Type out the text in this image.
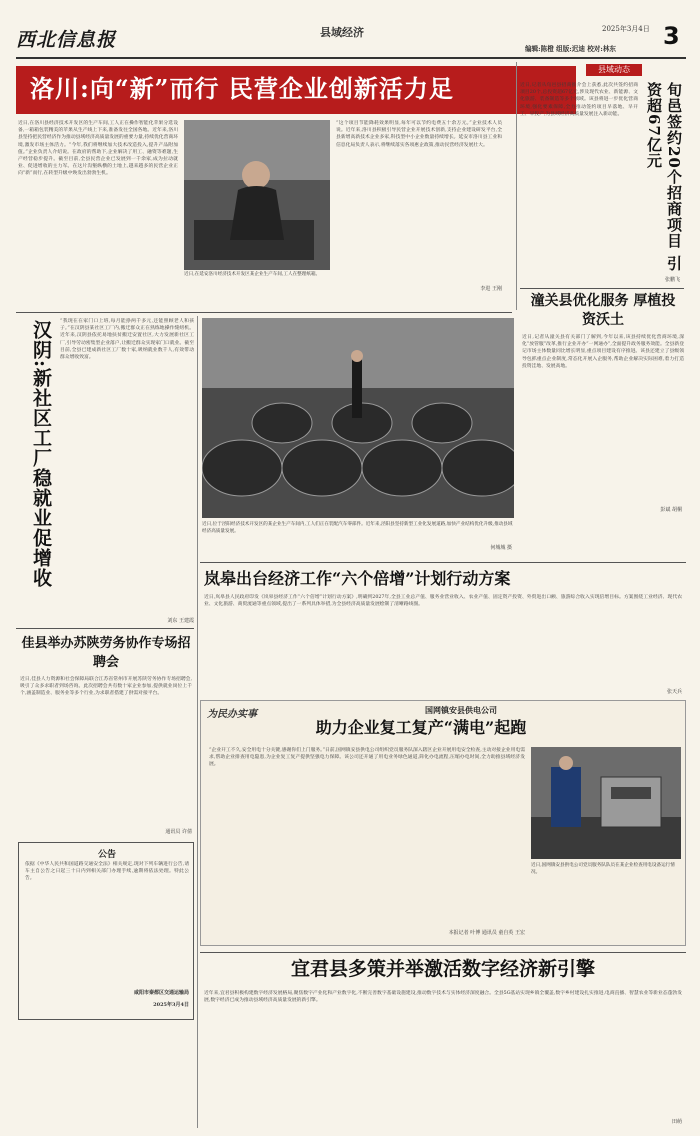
西北信息报	县域经济	2025年3月4日 3
编辑:陈橙 组版:迟迪 校对:林东
洛川:向“新”而行 民营企业创新活力足
近日,在洛川县经济技术开发区的生产车间,工人正在操作智能化苹果分选设备,一箱箱包装精美的苹果从生产线上下来,准备发往全国各地。近年来,洛川县坚持把民营经济作为推动县域经济高质量发展的重要力量,持续优化营商环境,激发市场主体活力。“今年,我们将继续加大技术改造投入,提升产品附加值。”企业负责人介绍说。在政府的帮助下,企业解决了用工、融资等难题,生产经营稳步提升。截至目前,全县民营企业已发展到一千余家,成为拉动就业、促进增收的主力军。在这片沟壑纵横的土地上,越来越多的民营企业正向“新”而行,在转型升级中焕发出勃勃生机。
近日,在延安洛川经济技术开发区某企业生产车间,工人在整理纸箱。
“这个项目节能降耗效果明显,每年可以节约电费五十余万元。”企业技术人员说。近年来,洛川县积极引导民营企业开展技术创新,支持企业建设研发平台,全县新增高新技术企业多家,科技型中小企业数量持续增长。延安市洛川县工业和信息化局负责人表示,将继续落实各项惠企政策,推动民营经济发展壮大。
李进 王刚
县域动态
近日,记者从旬邑县招商推介会上获悉,此次共签约招商项目20个,总投资超67亿元,涉及现代农业、新能源、文化旅游、装备制造等多个领域。该县将进一步优化营商环境,强化要素保障,全力推动签约项目早落地、早开工、早投产,为县域经济高质量发展注入新动能。	旬邑签约20个招商项目 引资超67亿元
张鹏飞
潼关县优化服务 厚植投资沃土
近日,记者从潼关县有关部门了解到,今年以来,该县持续优化营商环境,深化“放管服”改革,推行企业开办“一网通办”,全面提升政务服务效能。全县新登记市场主体数量同比增长明显,重点项目建设有序推进。该县还建立了县级领导包抓重点企业制度,常态化开展入企服务,帮助企业解决实际困难,着力打造投资洼地、发展高地。
彭斌 胡桐
汉阴:新社区工厂稳就业促增收	“我现在在家门口上班,每月能挣两千多元,还能照顾老人和孩子。”在汉阴县某社区工厂内,搬迁群众正在熟练地操作缝纫机。近年来,汉阴县依托易地扶贫搬迁安置社区,大力发展新社区工厂,引导劳动密集型企业落户,让搬迁群众实现家门口就业。截至目前,全县已建成新社区工厂数十家,吸纳就业数千人,有效带动群众增收致富。
刘东 王建霞
近日,位于泾阳经济技术开发区的某企业生产车间内,工人们正在装配汽车零部件。近年来,泾阳县坚持新型工业化发展道路,加快产业结构优化升级,推动县域经济高质量发展。
何城城 摄
岚皋出台经济工作“六个倍增”计划行动方案
近日,岚皋县人民政府印发《岚皋县经济工作“六个倍增”计划行动方案》,明确到2027年,全县工业总产值、服务业营业收入、农业产值、固定资产投资、外贸进出口额、旅游综合收入实现倍增目标。方案围绕工业经济、现代农业、文化旅游、商贸流通等重点领域,提出了一系列具体举措,为全县经济高质量发展绘制了清晰路线图。
张天兵
佳县举办苏陕劳务协作专场招聘会
近日,佳县人力资源和社会保障局联合江苏省常州市开展苏陕劳务协作专场招聘会,吸引了众多求职者到场咨询。此次招聘会共有数十家企业参加,提供就业岗位上千个,涵盖制造业、服务业等多个行业,为求职者搭建了供需对接平台。
通讯员 许倩
公告
依据《中华人民共和国道路交通安全法》相关规定,现对下列车辆进行公告,请车主自公告之日起三十日内到相关部门办理手续,逾期将依法处理。特此公告。
咸阳市秦都区交通运输局
2025年3月4日
为民办实事	国网镇安县供电公司
助力企业复工复产“满电”起跑
“企业开工不久,安全用电十分关键,感谢你们上门服务。”日前,国网镇安县供电公司组织党员服务队深入辖区企业开展用电安全检查,主动对接企业用电需求,帮助企业排查用电隐患,为企业复工复产提供坚强电力保障。该公司还开通了用电业务绿色通道,简化办电流程,压缩办电时间,全力助推县域经济发展。
本报记者 叶博 通讯员 童自英 王宏
近日,国网镇安县供电公司党员服务队队员在某企业检查用电设备运行情况。
宜君县多策并举激活数字经济新引擎
近年来,宜君县积极构建数字经济发展格局,聚焦数字产业化和产业数字化,不断完善数字基础设施建设,推动数字技术与实体经济深度融合。全县5G基站实现乡镇全覆盖,数字乡村建设扎实推进,电商直播、智慧农业等新业态蓬勃发展,数字经济已成为推动县域经济高质量发展的新引擎。
田萌
